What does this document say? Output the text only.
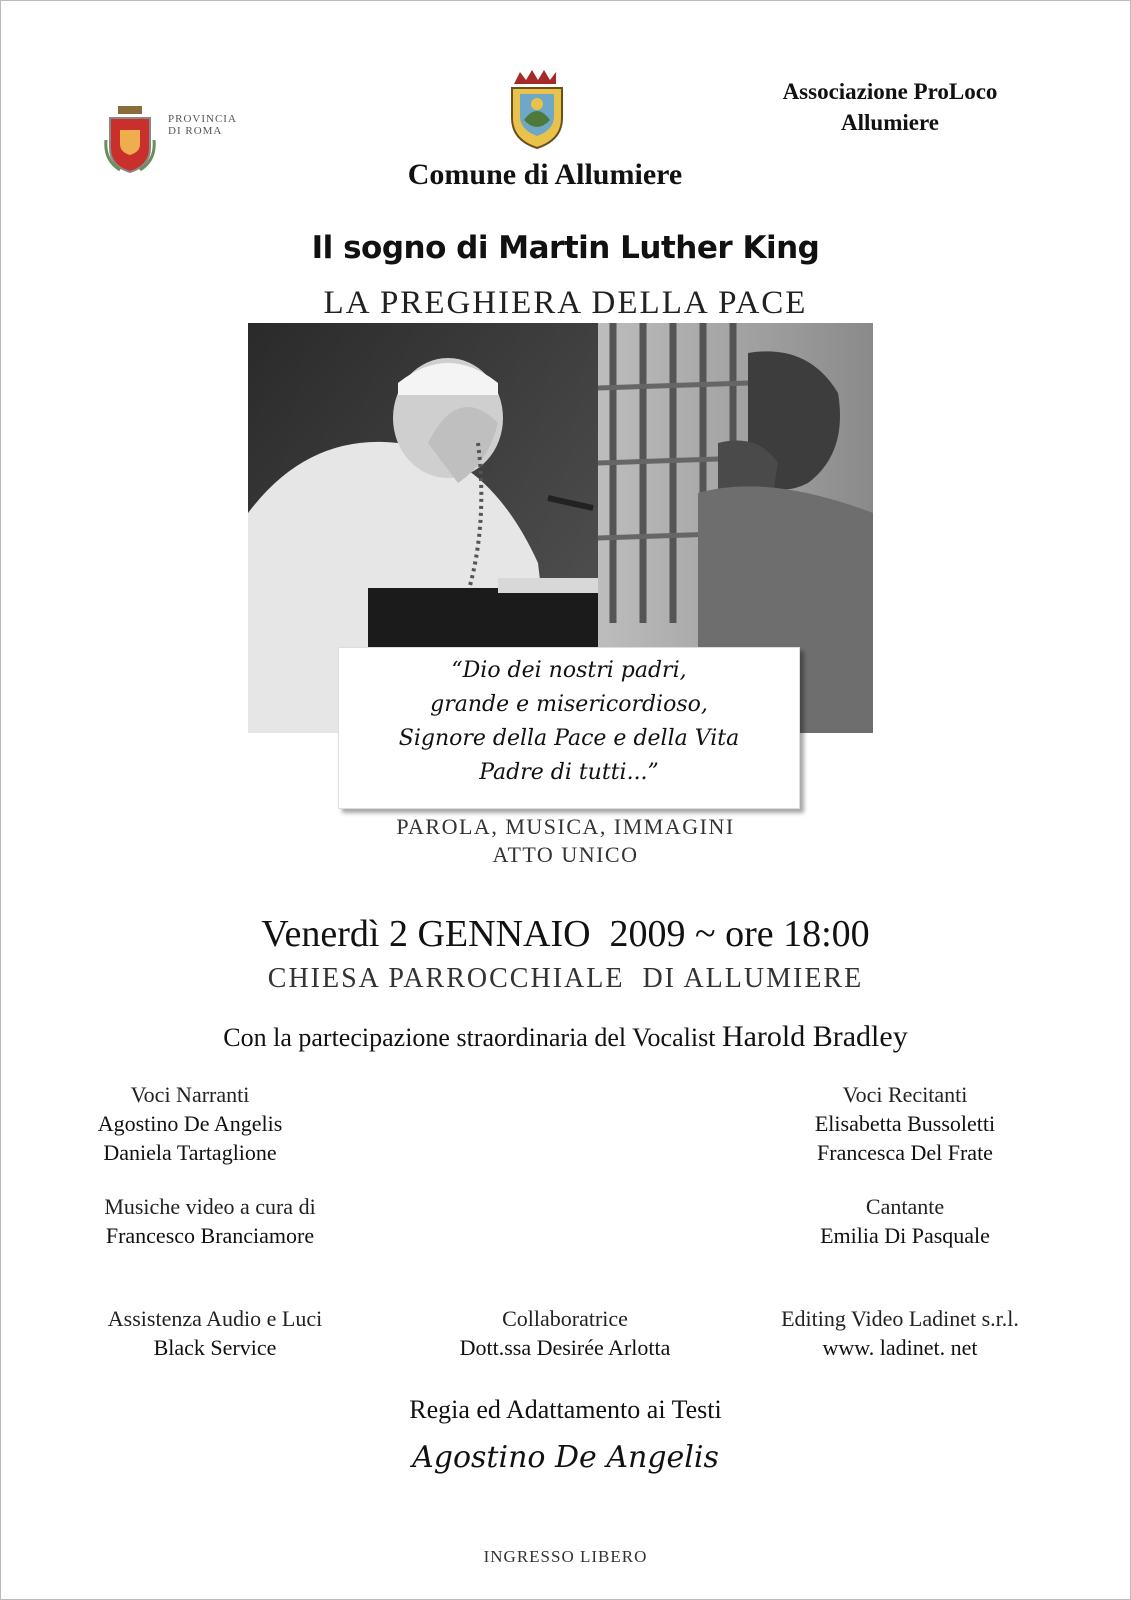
PROVINCIA
DI ROMA
Associazione ProLoco
Allumiere
Comune di Allumiere
Il sogno di Martin Luther King
LA PREGHIERA DELLA PACE
“Dio dei nostri padri,
grande e misericordioso,
Signore della Pace e della Vita
Padre di tutti...”
PAROLA, MUSICA, IMMAGINI
ATTO UNICO
Venerdì 2 GENNAIO  2009 ~ ore 18:00
CHIESA PARROCCHIALE  DI ALLUMIERE
Con la partecipazione straordinaria del Vocalist Harold Bradley
Voci Narranti
Agostino De Angelis
Daniela Tartaglione
Voci Recitanti
Elisabetta Bussoletti
Francesca Del Frate
Musiche video a cura di
Francesco Branciamore
Cantante
Emilia Di Pasquale
Assistenza Audio e Luci
Black Service
Collaboratrice
Dott.ssa Desirée Arlotta
Editing Video Ladinet s.r.l.
www. ladinet. net
Regia ed Adattamento ai Testi
Agostino De Angelis
INGRESSO LIBERO
